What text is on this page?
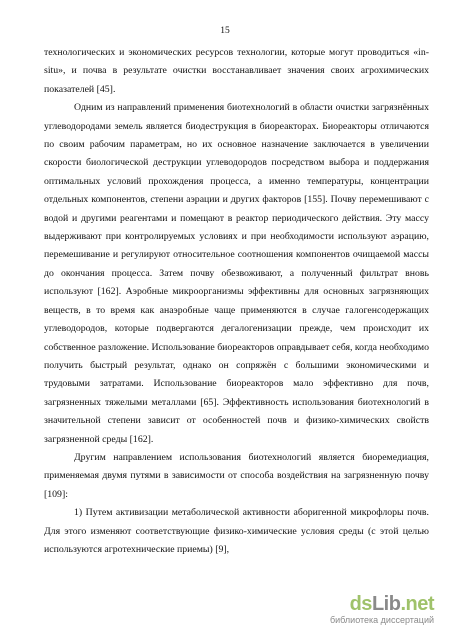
15

технологических и экономических ресурсов технологии, которые могут проводиться «in-situ», и почва в результате очистки восстанавливает значения своих агрохимических показателей [45].

Одним из направлений применения биотехнологий в области очистки загрязнённых углеводородами земель является биодеструкция в биореакторах. Биореакторы отличаются по своим рабочим параметрам, но их основное назначение заключается в увеличении скорости биологической деструкции углеводородов посредством выбора и поддержания оптимальных условий прохождения процесса, а именно температуры, концентрации отдельных компонентов, степени аэрации и других факторов [155]. Почву перемешивают с водой и другими реагентами и помещают в реактор периодического действия. Эту массу выдерживают при контролируемых условиях и при необходимости используют аэрацию, перемешивание и регулируют относительное соотношения компонентов очищаемой массы до окончания процесса. Затем почву обезвоживают, а полученный фильтрат вновь используют [162]. Аэробные микроорганизмы эффективны для основных загрязняющих веществ, в то время как анаэробные чаще применяются в случае галогенсодержащих углеводородов, которые подвергаются дегалогенизации прежде, чем происходит их собственное разложение. Использование биореакторов оправдывает себя, когда необходимо получить быстрый результат, однако он сопряжён с большими экономическими и трудовыми затратами. Использование биореакторов мало эффективно для почв, загрязненных тяжелыми металлами [65]. Эффективность использования биотехнологий в значительной степени зависит от особенностей почв и физико-химических свойств загрязненной среды [162].

Другим направлением использования биотехнологий является биоремедиация, применяемая двумя путями в зависимости от способа воздействия на загрязненную почву [109]:

1) Путем активизации метаболической активности аборигенной микрофлоры почв. Для этого изменяют соответствующие физико-химические условия среды (с этой целью используются агротехнические приемы) [9],

dsLib.net
библиотека диссертаций
